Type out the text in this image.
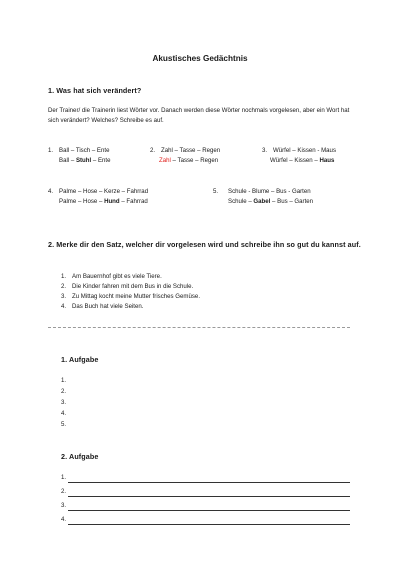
Akustisches Gedächtnis
1. Was hat sich verändert?
Der Trainer/ die Trainerin liest Wörter vor. Danach werden diese Wörter nochmals vorgelesen, aber ein Wort hat sich verändert? Welches? Schreibe es auf.
1. Ball – Tisch – Ente
Ball – Stuhl – Ente
2. Zahl – Tasse – Regen
Zahl – Tasse – Regen
3. Würfel – Kissen - Maus
Würfel – Kissen – Haus
4. Palme – Hose – Kerze – Fahrrad
Palme – Hose – Hund – Fahrrad
5. Schule - Blume – Bus - Garten
Schule – Gabel – Bus – Garten
2. Merke dir den Satz, welcher dir vorgelesen wird und schreibe ihn so gut du kannst auf.
1. Am Bauernhof gibt es viele Tiere.
2. Die Kinder fahren mit dem Bus in die Schule.
3. Zu Mittag kocht meine Mutter frisches Gemüse.
4. Das Buch hat viele Seiten.
1. Aufgabe
1.
2.
3.
4.
5.
2. Aufgabe
1.
2.
3.
4.
